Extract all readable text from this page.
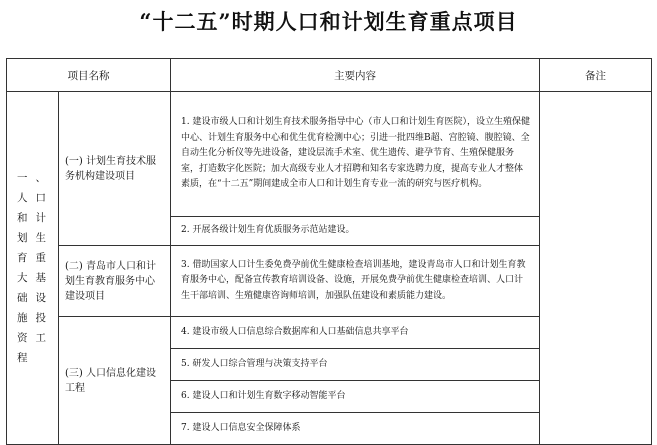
“十二五”时期人口和计划生育重点项目
项目名称		主要内容	备注
一、人口和计划生育重大基础设施投资工程	(一) 计划生育技术服务机构建设项目	1. 建设市级人口和计划生育技术服务指导中心（市人口和计划生育医院），设立生殖保健中心、计划生育服务中心和优生优育检测中心；引进一批四维B超、宫腔镜、腹腔镜、全自动生化分析仪等先进设备，建设层流手术室、优生遗传、避孕节育、生殖保健服务室，打造数字化医院；加大高级专业人才招聘和知名专家选聘力度，提高专业人才整体素质，在“十二五”期间建成全市人口和计划生育专业一流的研究与医疗机构。	
		2. 开展各级计划生育优质服务示范站建设。	
	(二) 青岛市人口和计划生育教育服务中心建设项目	3. 借助国家人口计生委免费孕前优生健康检查培训基地，建设青岛市人口和计划生育教育服务中心，配备宣传教育培训设备、设施，开展免费孕前优生健康检查培训、人口计生干部培训、生殖健康咨询师培训，加强队伍建设和素质能力建设。	
	(三) 人口信息化建设工程	4. 建设市级人口信息综合数据库和人口基础信息共享平台	
		5. 研发人口综合管理与决策支持平台	
		6. 建设人口和计划生育数字移动智能平台	
		7. 建设人口信息安全保障体系	
